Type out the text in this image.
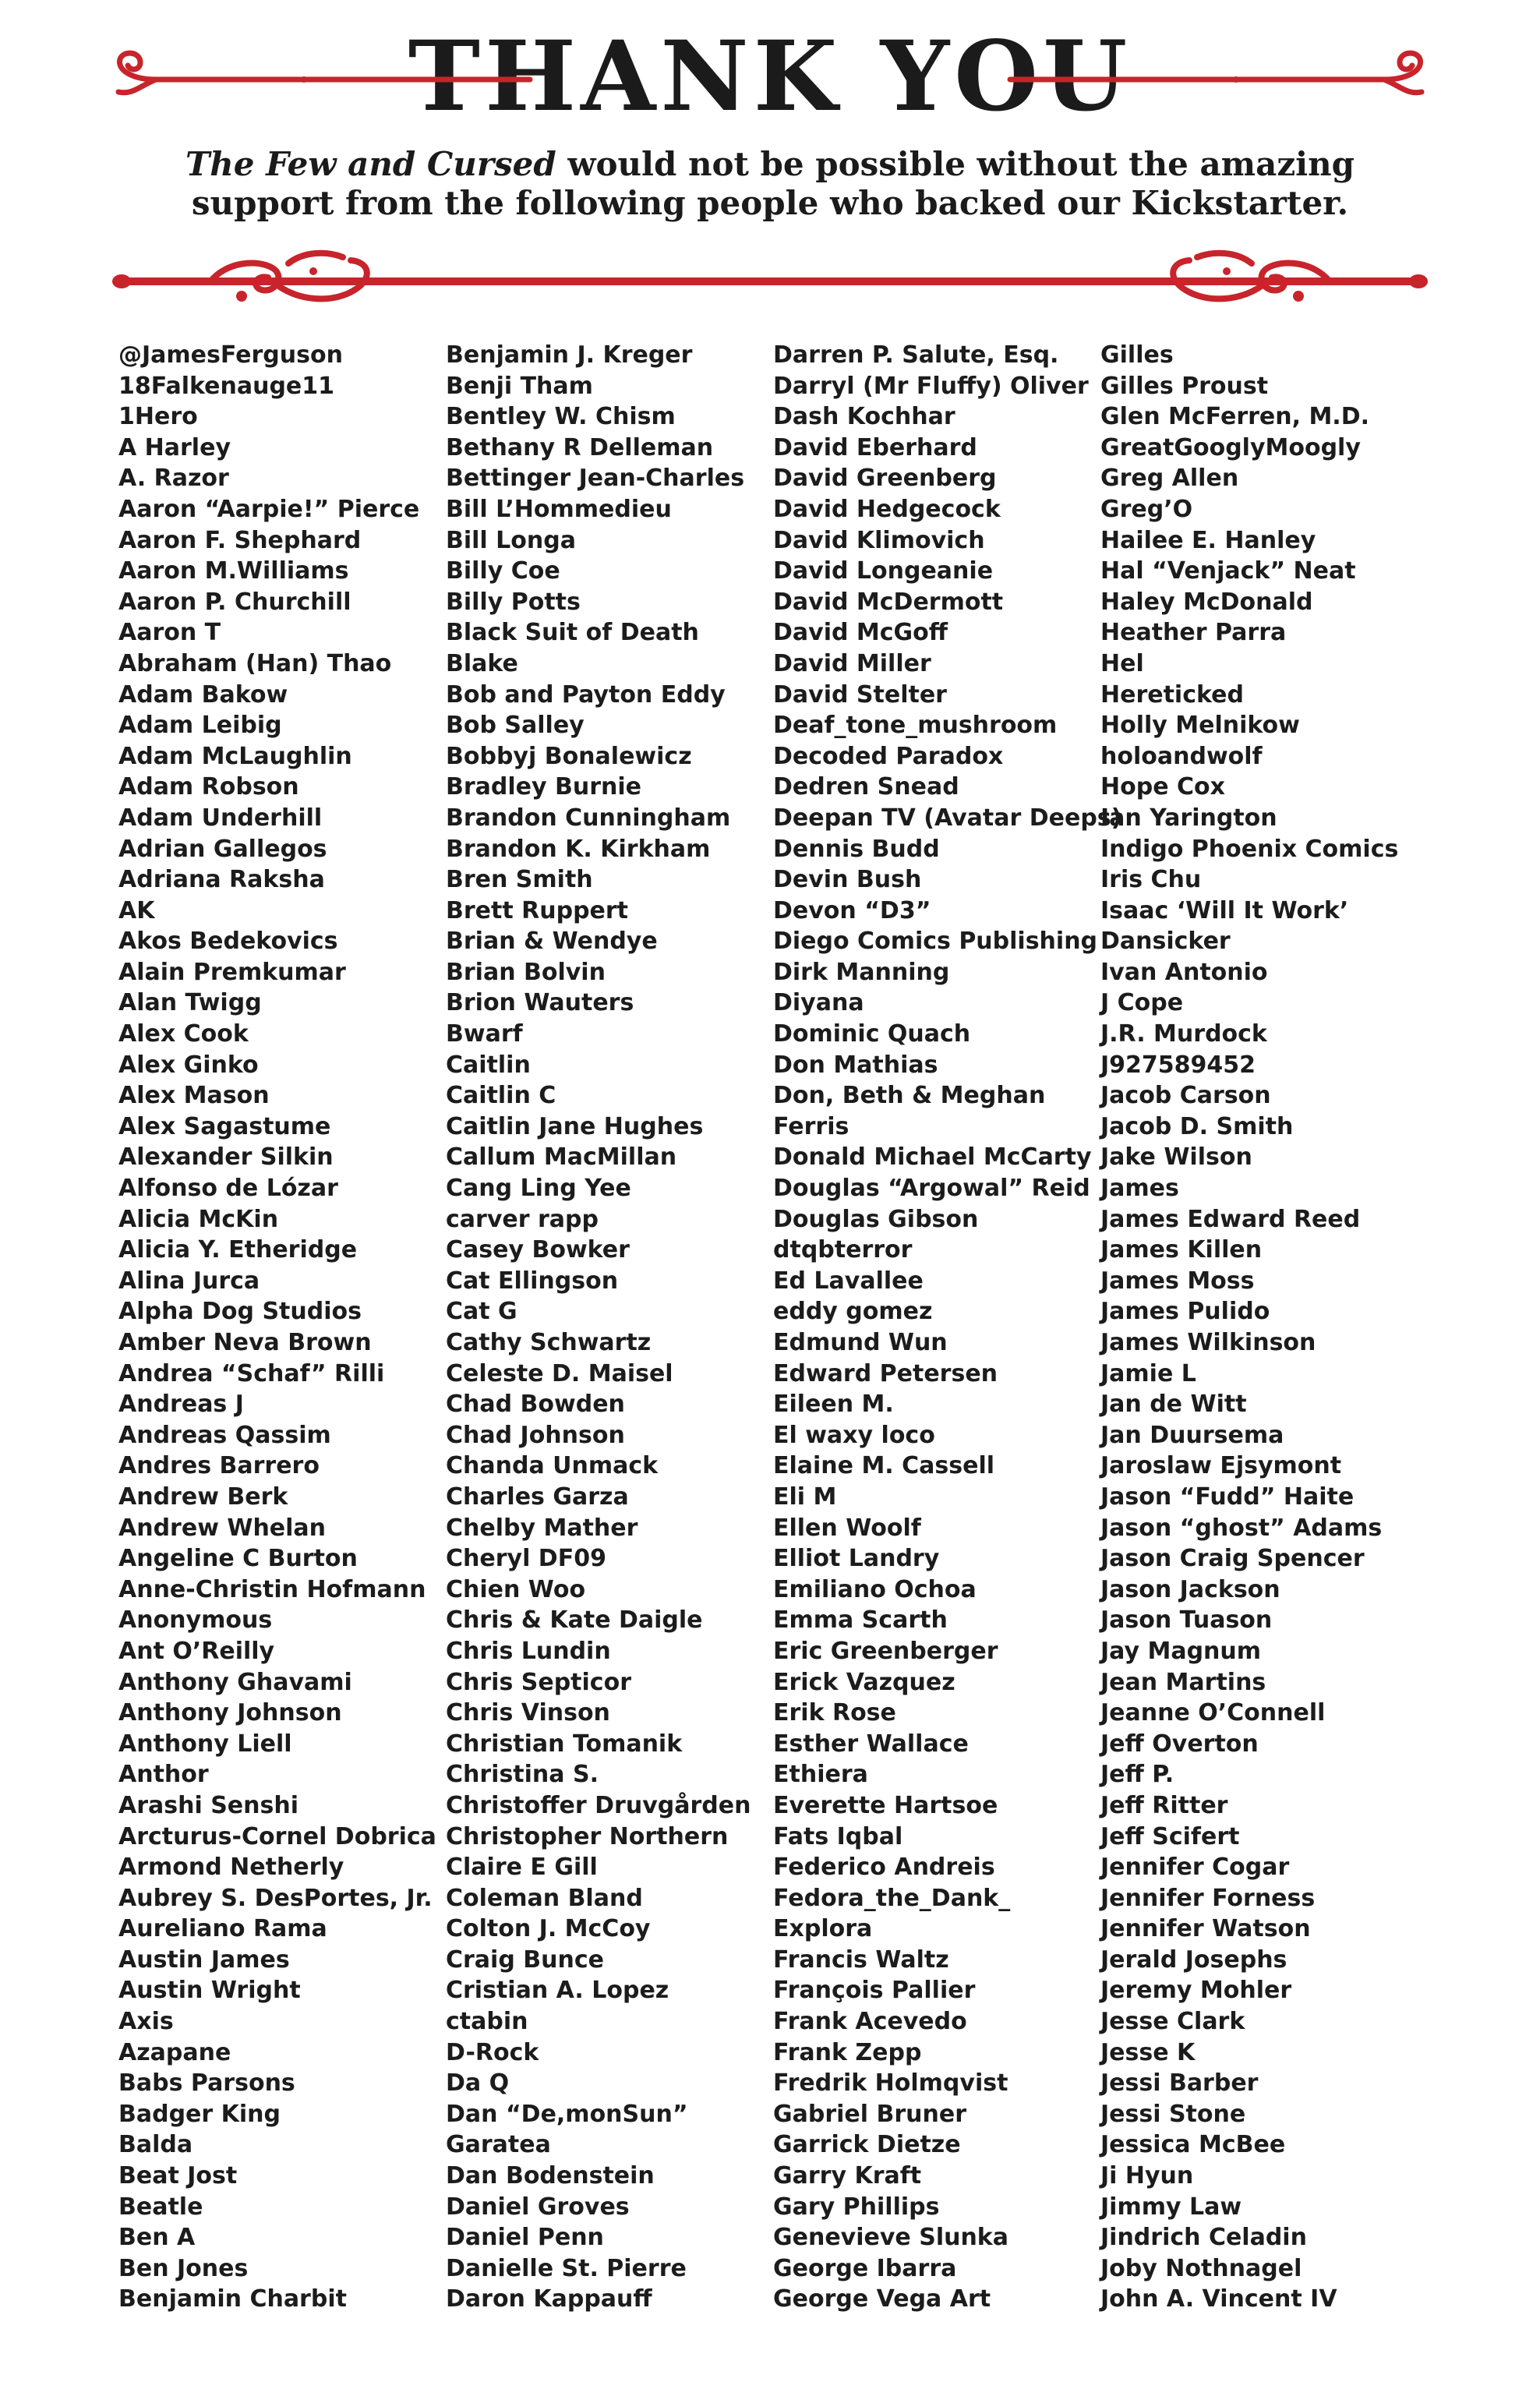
THANK YOU
The Few and Cursed would not be possible without the amazing support from the following people who backed our Kickstarter.
@JamesFerguson
18Falkenauge11
1Hero
A Harley
A. Razor
Aaron “Aarpie!” Pierce
Aaron F. Shephard
Aaron M.Williams
Aaron P. Churchill
Aaron T
Abraham (Han) Thao
Adam Bakow
Adam Leibig
Adam McLaughlin
Adam Robson
Adam Underhill
Adrian Gallegos
Adriana Raksha
AK
Akos Bedekovics
Alain Premkumar
Alan Twigg
Alex Cook
Alex Ginko
Alex Mason
Alex Sagastume
Alexander Silkin
Alfonso de Lózar
Alicia McKin
Alicia Y. Etheridge
Alina Jurca
Alpha Dog Studios
Amber Neva Brown
Andrea “Schaf” Rilli
Andreas J
Andreas Qassim
Andres Barrero
Andrew Berk
Andrew Whelan
Angeline C Burton
Anne-Christin Hofmann
Anonymous
Ant O’Reilly
Anthony Ghavami
Anthony Johnson
Anthony Liell
Anthor
Arashi Senshi
Arcturus-Cornel Dobrica
Armond Netherly
Aubrey S. DesPortes, Jr.
Aureliano Rama
Austin James
Austin Wright
Axis
Azapane
Babs Parsons
Badger King
Balda
Beat Jost
Beatle
Ben A
Ben Jones
Benjamin Charbit
Benjamin J. Kreger
Benji Tham
Bentley W. Chism
Bethany R Delleman
Bettinger Jean-Charles
Bill L’Hommedieu
Bill Longa
Billy Coe
Billy Potts
Black Suit of Death
Blake
Bob and Payton Eddy
Bob Salley
Bobbyj Bonalewicz
Bradley Burnie
Brandon Cunningham
Brandon K. Kirkham
Bren Smith
Brett Ruppert
Brian & Wendye
Brian Bolvin
Brion Wauters
Bwarf
Caitlin
Caitlin C
Caitlin Jane Hughes
Callum MacMillan
Cang Ling Yee
carver rapp
Casey Bowker
Cat Ellingson
Cat G
Cathy Schwartz
Celeste D. Maisel
Chad Bowden
Chad Johnson
Chanda Unmack
Charles Garza
Chelby Mather
Cheryl DF09
Chien Woo
Chris & Kate Daigle
Chris Lundin
Chris Septicor
Chris Vinson
Christian Tomanik
Christina S.
Christoffer Druvgården
Christopher Northern
Claire E Gill
Coleman Bland
Colton J. McCoy
Craig Bunce
Cristian A. Lopez
ctabin
D-Rock
Da Q
Dan “De,monSun”
Garatea
Dan Bodenstein
Daniel Groves
Daniel Penn
Danielle St. Pierre
Daron Kappauff
Darren P. Salute, Esq.
Darryl (Mr Fluffy) Oliver
Dash Kochhar
David Eberhard
David Greenberg
David Hedgecock
David Klimovich
David Longeanie
David McDermott
David McGoff
David Miller
David Stelter
Deaf_tone_mushroom
Decoded Paradox
Dedren Snead
Deepan TV (Avatar Deeps)
Dennis Budd
Devin Bush
Devon “D3”
Diego Comics Publishing
Dirk Manning
Diyana
Dominic Quach
Don Mathias
Don, Beth & Meghan
Ferris
Donald Michael McCarty
Douglas “Argowal” Reid
Douglas Gibson
dtqbterror
Ed Lavallee
eddy gomez
Edmund Wun
Edward Petersen
Eileen M.
El waxy loco
Elaine M. Cassell
Eli M
Ellen Woolf
Elliot Landry
Emiliano Ochoa
Emma Scarth
Eric Greenberger
Erick Vazquez
Erik Rose
Esther Wallace
Ethiera
Everette Hartsoe
Fats Iqbal
Federico Andreis
Fedora_the_Dank_
Explora
Francis Waltz
François Pallier
Frank Acevedo
Frank Zepp
Fredrik Holmqvist
Gabriel Bruner
Garrick Dietze
Garry Kraft
Gary Phillips
Genevieve Slunka
George Ibarra
George Vega Art
Gilles
Gilles Proust
Glen McFerren, M.D.
GreatGooglyMoogly
Greg Allen
Greg’O
Hailee E. Hanley
Hal “Venjack” Neat
Haley McDonald
Heather Parra
Hel
Hereticked
Holly Melnikow
holoandwolf
Hope Cox
Ian Yarington
Indigo Phoenix Comics
Iris Chu
Isaac ‘Will It Work’
Dansicker
Ivan Antonio
J Cope
J.R. Murdock
J927589452
Jacob Carson
Jacob D. Smith
Jake Wilson
James
James Edward Reed
James Killen
James Moss
James Pulido
James Wilkinson
Jamie L
Jan de Witt
Jan Duursema
Jaroslaw Ejsymont
Jason “Fudd” Haite
Jason “ghost” Adams
Jason Craig Spencer
Jason Jackson
Jason Tuason
Jay Magnum
Jean Martins
Jeanne O’Connell
Jeff Overton
Jeff P.
Jeff Ritter
Jeff Scifert
Jennifer Cogar
Jennifer Forness
Jennifer Watson
Jerald Josephs
Jeremy Mohler
Jesse Clark
Jesse K
Jessi Barber
Jessi Stone
Jessica McBee
Ji Hyun
Jimmy Law
Jindrich Celadin
Joby Nothnagel
John A. Vincent IV
